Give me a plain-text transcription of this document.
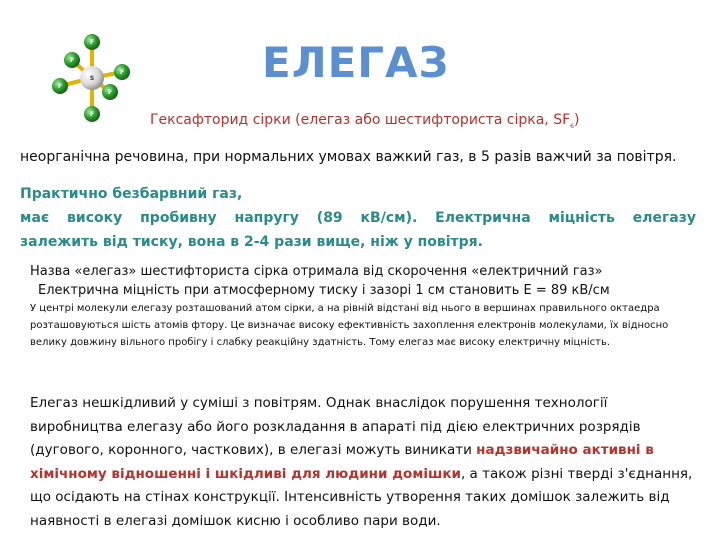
S
F
F
F
F
F
F
ЕЛЕГАЗ
Гексафторид сірки (елегаз або шестифториста сірка, $SF_6$)
неорганічна речовина, при нормальних умовах важкий газ, в 5 разів важчий за повітря.
Практично безбарвний газ,
має високу пробивну напругу (89 кВ/см). Електрична міцність елегазу
залежить від тиску, вона в 2-4 рази вище, ніж у повітря.
Назва «елегаз» шестифториста сірка отримала від скорочення «електричний газ»
Електрична міцність при атмосферному тиску і зазорі 1 см становить Е = 89 кВ/см
У центрі молекули елегазу розташований атом сірки, а на рівній відстані від нього в вершинах правильного октаедра розташовуються шість атомів фтору. Це визначає високу ефективність захоплення електронів молекулами, їх відносно велику довжину вільного пробігу і слабку реакційну здатність. Тому елегаз має високу електричну міцність.
Елегаз нешкідливий у суміші з повітрям. Однак внаслідок порушення технології виробництва елегазу або його розкладання в апараті під дією електричних розрядів (дугового, коронного, часткових), в елегазі можуть виникати надзвичайно активні в хімічному відношенні і шкідливі для людини домішки, а також різні тверді з'єднання, що осідають на стінах конструкції. Інтенсивність утворення таких домішок залежить від наявності в елегазі домішок кисню і особливо пари води.
